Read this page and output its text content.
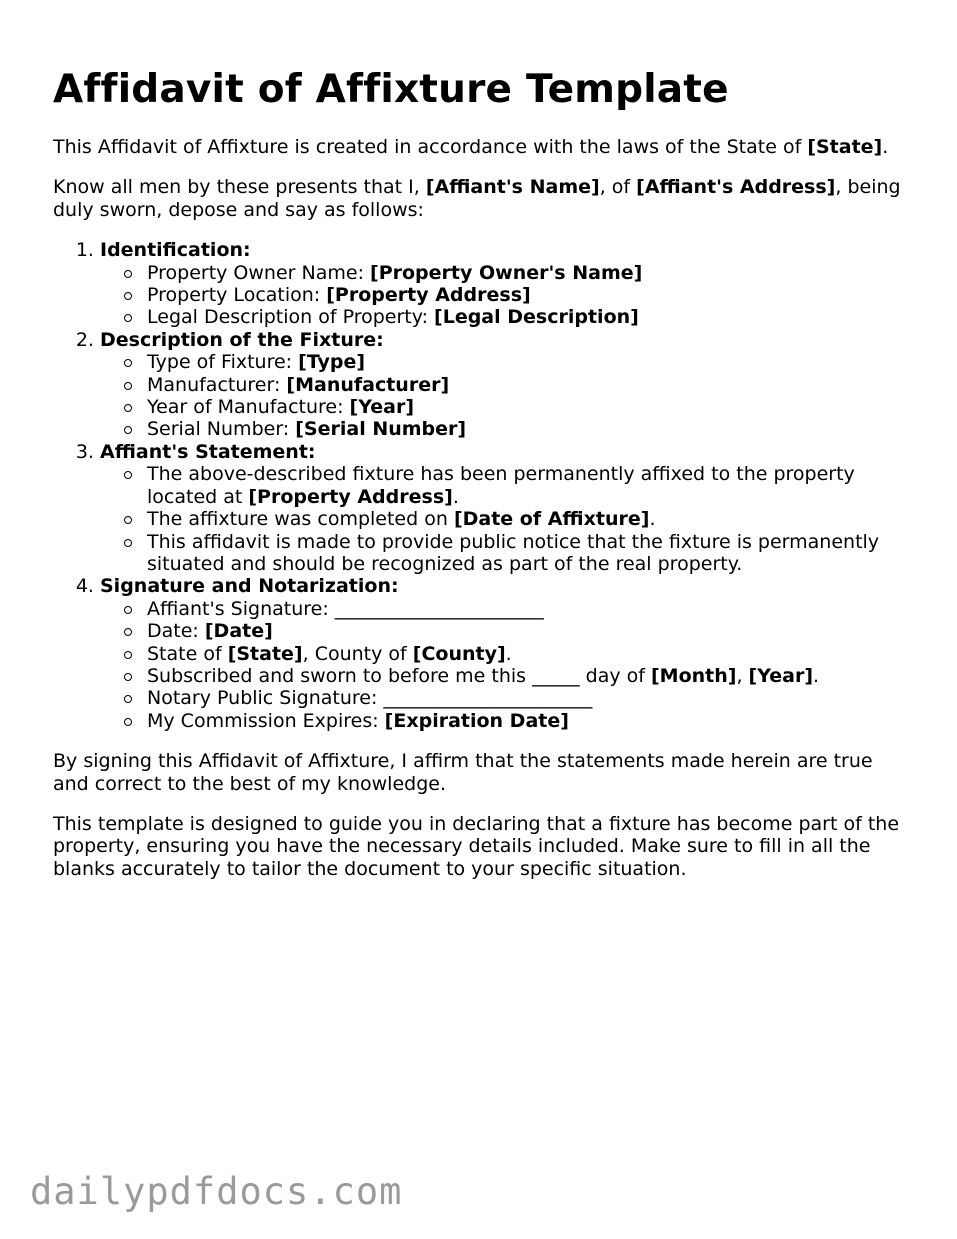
Affidavit of Affixture Template

This Affidavit of Affixture is created in accordance with the laws of the State of [State].

Know all men by these presents that I, [Affiant's Name], of [Affiant's Address], being duly sworn, depose and say as follows:

1. Identification:
Property Owner Name: [Property Owner's Name]
Property Location: [Property Address]
Legal Description of Property: [Legal Description]
2. Description of the Fixture:
Type of Fixture: [Type]
Manufacturer: [Manufacturer]
Year of Manufacture: [Year]
Serial Number: [Serial Number]
3. Affiant's Statement:
The above-described fixture has been permanently affixed to the property located at [Property Address].
The affixture was completed on [Date of Affixture].
This affidavit is made to provide public notice that the fixture is permanently situated and should be recognized as part of the real property.
4. Signature and Notarization:
Affiant's Signature: ______________________
Date: [Date]
State of [State], County of [County].
Subscribed and sworn to before me this _____ day of [Month], [Year].
Notary Public Signature: ______________________
My Commission Expires: [Expiration Date]

By signing this Affidavit of Affixture, I affirm that the statements made herein are true and correct to the best of my knowledge.

This template is designed to guide you in declaring that a fixture has become part of the property, ensuring you have the necessary details included. Make sure to fill in all the blanks accurately to tailor the document to your specific situation.

dailypdfdocs.com
